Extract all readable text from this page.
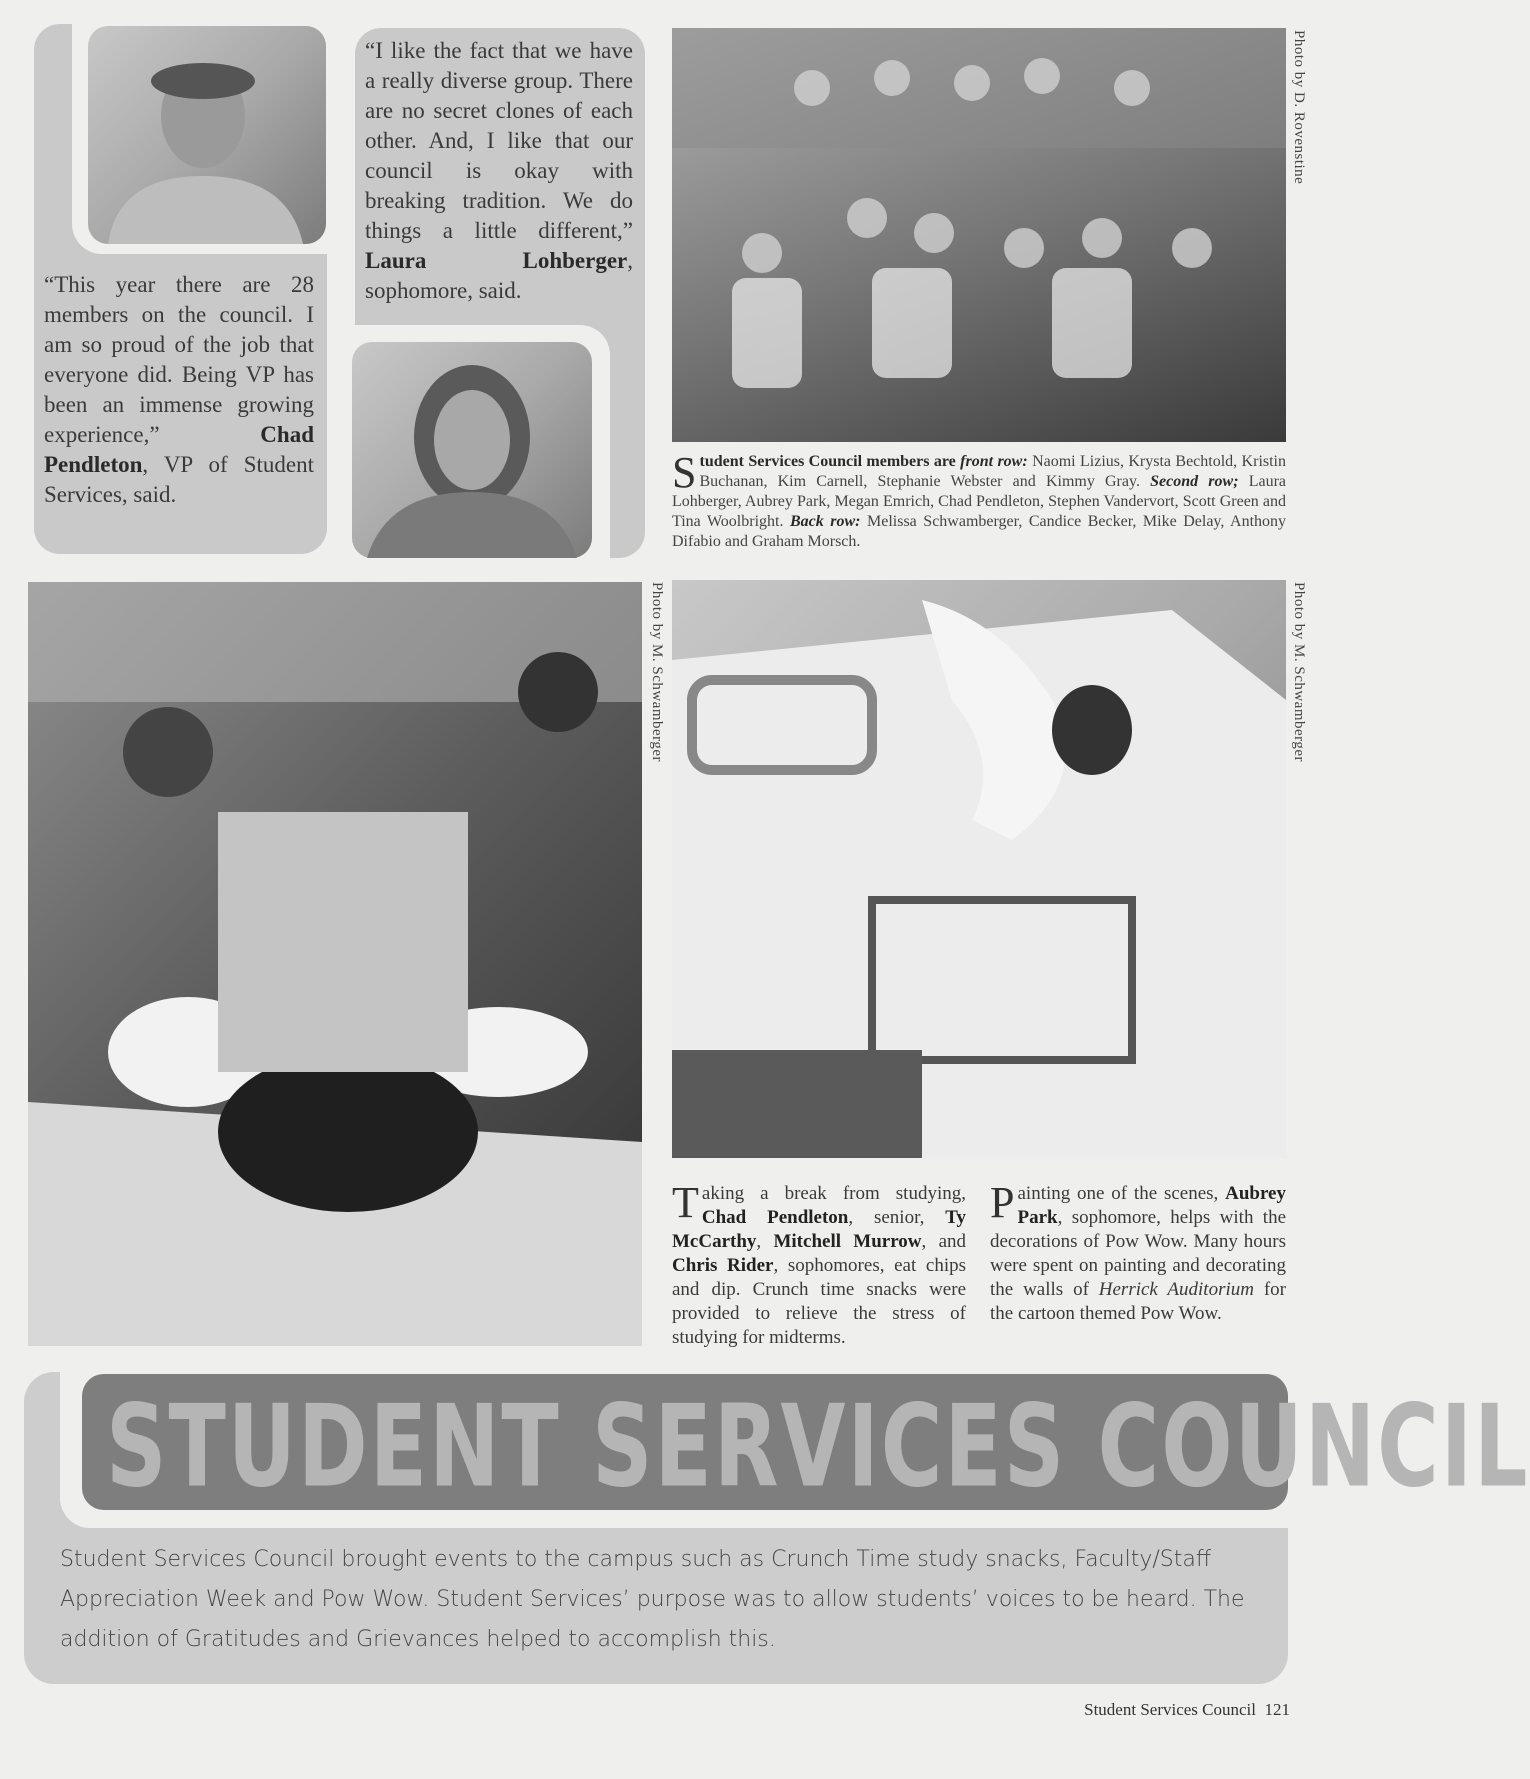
“This year there are 28 members on the council. I am so proud of the job that everyone did. Being VP has been an immense growing experience,” Chad Pendleton, VP of Student Services, said.
“I like the fact that we have a really diverse group. There are no secret clones of each other. And, I like that our council is okay with breaking tradition. We do things a little different,” Laura Lohberger, sophomore, said.
Photo by D. Rovenstine
Student Services Council members are front row: Naomi Lizius, Krysta Bechtold, Kristin Buchanan, Kim Carnell, Stephanie Webster and Kimmy Gray. Second row; Laura Lohberger, Aubrey Park, Megan Emrich, Chad Pendleton, Stephen Vandervort, Scott Green and Tina Woolbright. Back row: Melissa Schwamberger, Candice Becker, Mike Delay, Anthony Difabio and Graham Morsch.
Photo by M. Schwamberger	Photo by M. Schwamberger
Taking a break from studying, Chad Pendleton, senior, Ty McCarthy, Mitchell Murrow, and Chris Rider, sophomores, eat chips and dip. Crunch time snacks were provided to relieve the stress of studying for midterms.
Painting one of the scenes, Aubrey Park, sophomore, helps with the decorations of Pow Wow. Many hours were spent on painting and decorating the walls of Herrick Auditorium for the cartoon themed Pow Wow.
STUDENT SERVICES COUNCIL
Student Services Council brought events to the campus such as Crunch Time study snacks, Faculty/Staff Appreciation Week and Pow Wow. Student Services’ purpose was to allow students’ voices to be heard. The addition of Gratitudes and Grievances helped to accomplish this.
Student Services Council 121
